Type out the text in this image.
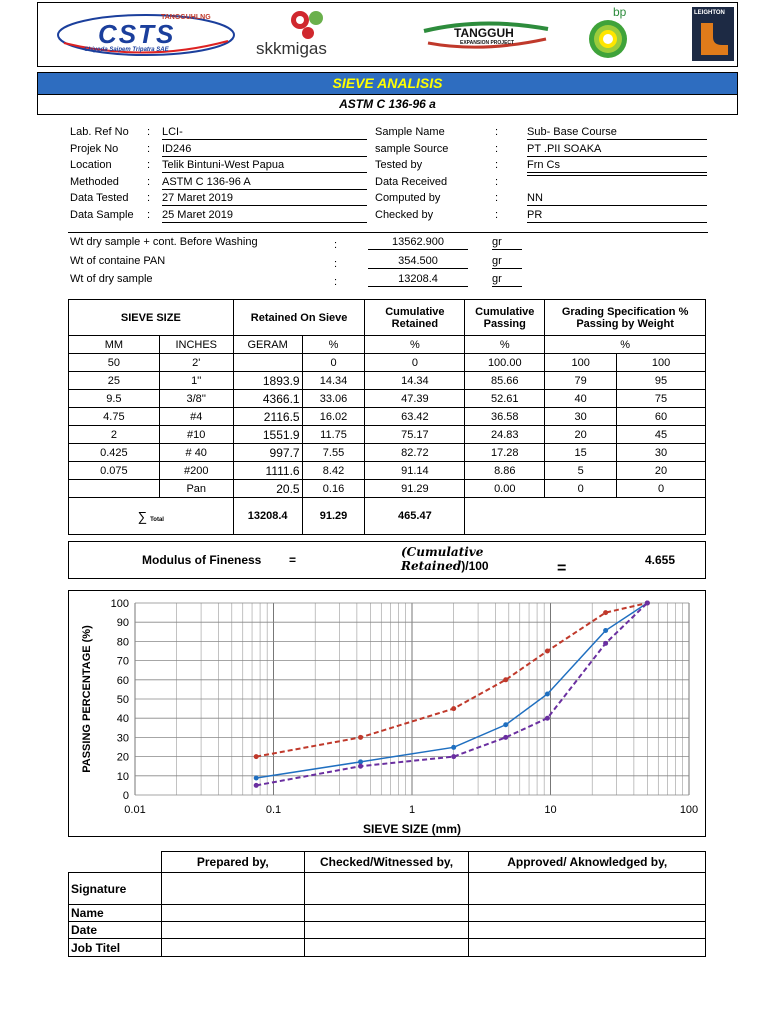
TANGGUHLNG
CSTS
Chiyoda Saipem Tripatra SAE	skkmigas
TANGGUH
EXPANSION PROJECT
bp	LEIGHTON
SIEVE ANALISIS
ASTM C 136-96 a
Lab. Ref No : LCI-
Projek No	: ID246
Location	: Telik Bintuni-West Papua
Methoded	: ASTM C 136-96 A
Data Tested : 27 Maret 2019
Data Sample : 25 Maret 2019
Sample Name	:	Sub- Base Course
sample Source	:	PT .PII SOAKA
Tested by	:	Frn Cs
Data Received	:
Computed by	:	NN
Checked by	:	PR
Wt dry sample + cont. Before Washing	:	13562.900	gr
Wt of containe PAN	:	354.500	gr
Wt of dry sample	:	13208.4	gr
SIEVE SIZE		Retained On Sieve		Cumulative Retained	Cumulative Passing	Grading Specification % Passing by Weight	
MM	INCHES	GERAM	%	%	%	%	
50	2'		0	0	100.00	100	100
25	1''	1893.9	14.34	14.34	85.66	79	95
9.5	3/8''	4366.1	33.06	47.39	52.61	40	75
4.75	#4	2116.5	16.02	63.42	36.58	30	60
2	#10	1551.9	11.75	75.17	24.83	20	45
0.425	# 40	997.7	7.55	82.72	17.28	15	30
0.075	#200	1111.6	8.42	91.14	8.86	5	20
	Pan	20.5	0.16	91.29	0.00	0	0
∑ Total		13208.4	91.29	465.47			
Modulus of Fineness =
(Cumulative
Retained)/100	=	4.655
0
10
20
30
40
50
60
70
80
90
100
0.01	0.1	1	10	100
SIEVE SIZE (mm)
PASSING PERCENTAGE (%)
	Prepared by,	Checked/Witnessed by,	Approved/ Aknowledged by,
Signature			
Name			
Date			
Job Titel			
